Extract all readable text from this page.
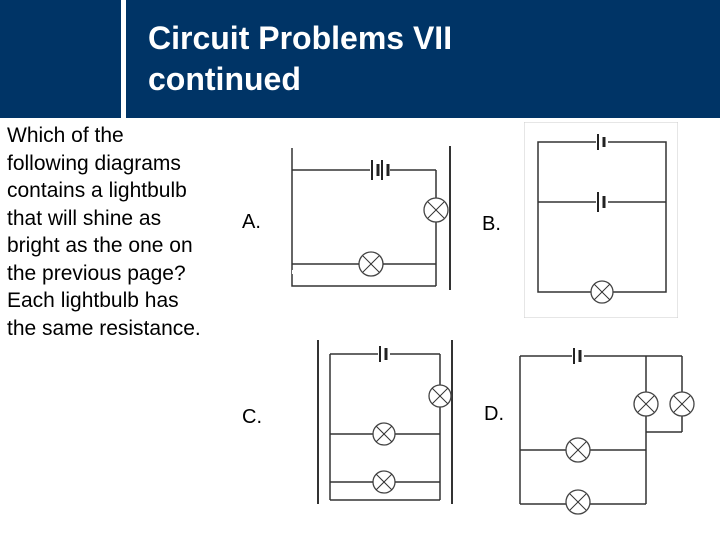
Circuit Problems VII
continued

Which of the
following diagrams
contains a lightbulb
that will shine as
bright as the one on
the previous page?
Each lightbulb has
the same resistance.

A.	B.
C.	D.
